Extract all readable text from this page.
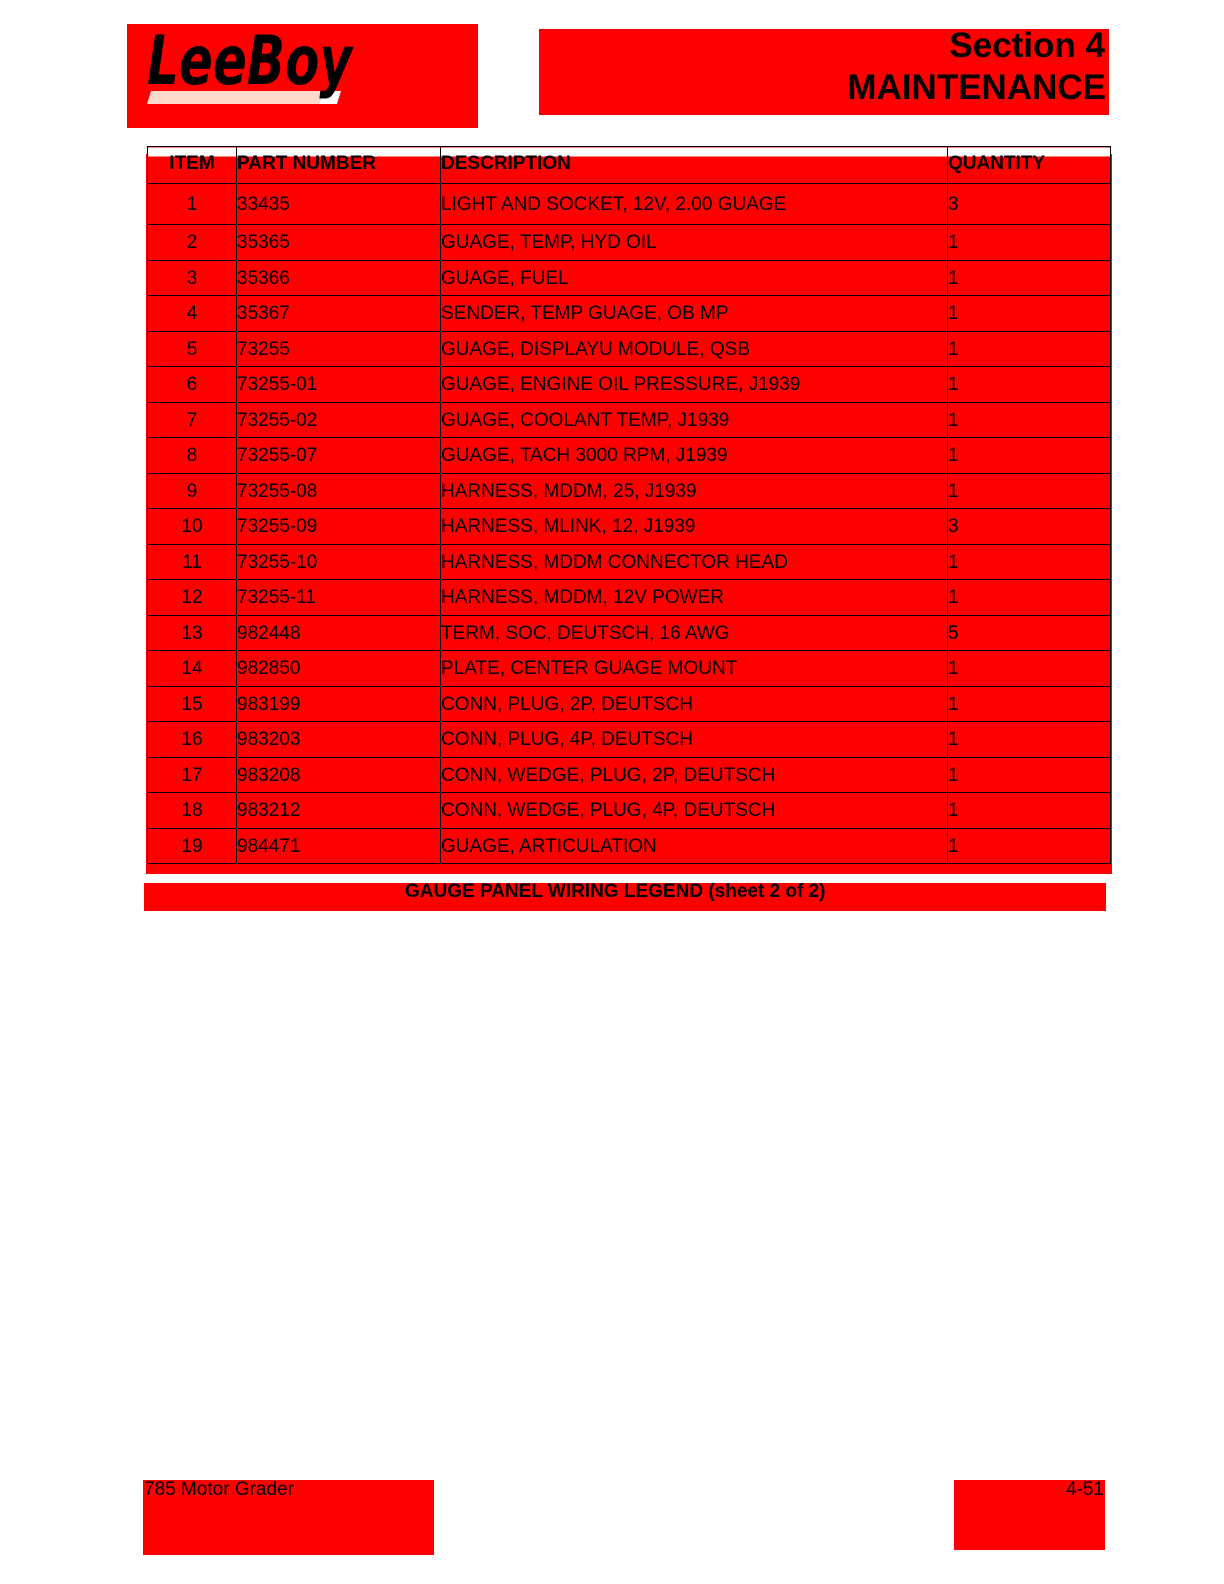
LeeBoy	Section 4
MAINTENANCE
ITEM	PART NUMBER	DESCRIPTION	QUANTITY
1	33435	LIGHT AND SOCKET, 12V, 2.00 GUAGE	3
2	35365	GUAGE, TEMP, HYD OIL	1
3	35366	GUAGE, FUEL	1
4	35367	SENDER, TEMP GUAGE, OB MP	1
5	73255	GUAGE, DISPLAYU MODULE, QSB	1
6	73255-01	GUAGE, ENGINE OIL PRESSURE, J1939	1
7	73255-02	GUAGE, COOLANT TEMP, J1939	1
8	73255-07	GUAGE, TACH 3000 RPM, J1939	1
9	73255-08	HARNESS, MDDM, 25, J1939	1
10	73255-09	HARNESS, MLINK, 12, J1939	3
11	73255-10	HARNESS, MDDM CONNECTOR HEAD	1
12	73255-11	HARNESS, MDDM, 12V POWER	1
13	982448	TERM, SOC, DEUTSCH, 16 AWG	5
14	982850	PLATE, CENTER GUAGE MOUNT	1
15	983199	CONN, PLUG, 2P, DEUTSCH	1
16	983203	CONN, PLUG, 4P, DEUTSCH	1
17	983208	CONN, WEDGE, PLUG, 2P, DEUTSCH	1
18	983212	CONN, WEDGE, PLUG, 4P, DEUTSCH	1
19	984471	GUAGE, ARTICULATION	1
GAUGE PANEL WIRING LEGEND (sheet 2 of 2)
785 Motor Grader	4-51
